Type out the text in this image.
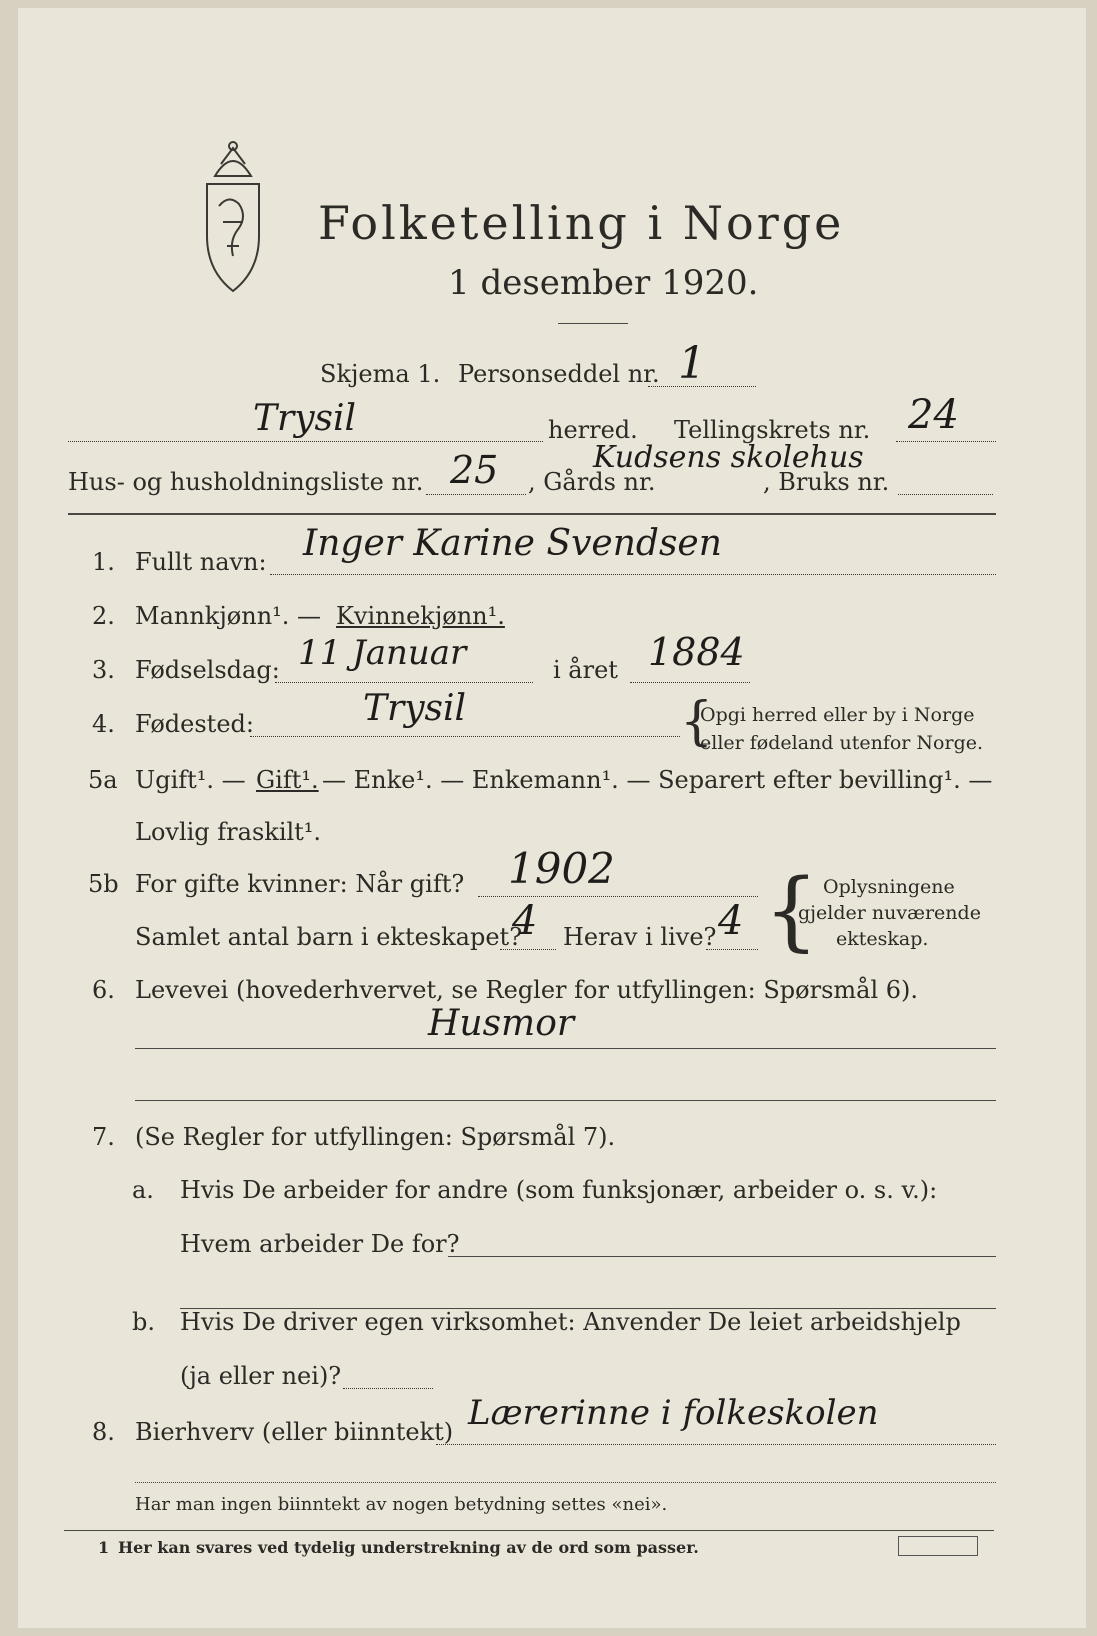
Folketelling i Norge
1 desember 1920.
Skjema 1. Personseddel nr. 1
Trysil	herred. Tellingskrets nr. 24
Hus- og husholdningsliste nr. 25 , Gårds nr.
Kudsens skolehus
, Bruks nr.
1. Fullt navn: Inger Karine Svendsen
2. Mannkjønn¹. — Kvinnekjønn¹.
3. Fødselsdag: 11 Januar	i året 1884
4. Fødested:	Trysil	{
Opgi herred eller by i Norge
eller fødeland utenfor Norge.
5a Ugift¹. — Gift¹. — Enke¹. — Enkemann¹. — Separert efter bevilling¹. —
Lovlig fraskilt¹.
5b For gifte kvinner: Når gift? 1902
Samlet antal barn i ekteskapet?
4 Herav i live? 4 { Oplysningene
gjelder nuværende
ekteskap.
6. Levevei (hovederhvervet, se Regler for utfyllingen: Spørsmål 6).
Husmor
7. (Se Regler for utfyllingen: Spørsmål 7).
a. Hvis De arbeider for andre (som funksjonær, arbeider o. s. v.):
Hvem arbeider De for?
b. Hvis De driver egen virksomhet: Anvender De leiet arbeidshjelp
(ja eller nei)?
8. Bierhverv (eller biinntekt) Lærerinne i folkeskolen
Har man ingen biinntekt av nogen betydning settes «nei».
1 Her kan svares ved tydelig understrekning av de ord som passer.
